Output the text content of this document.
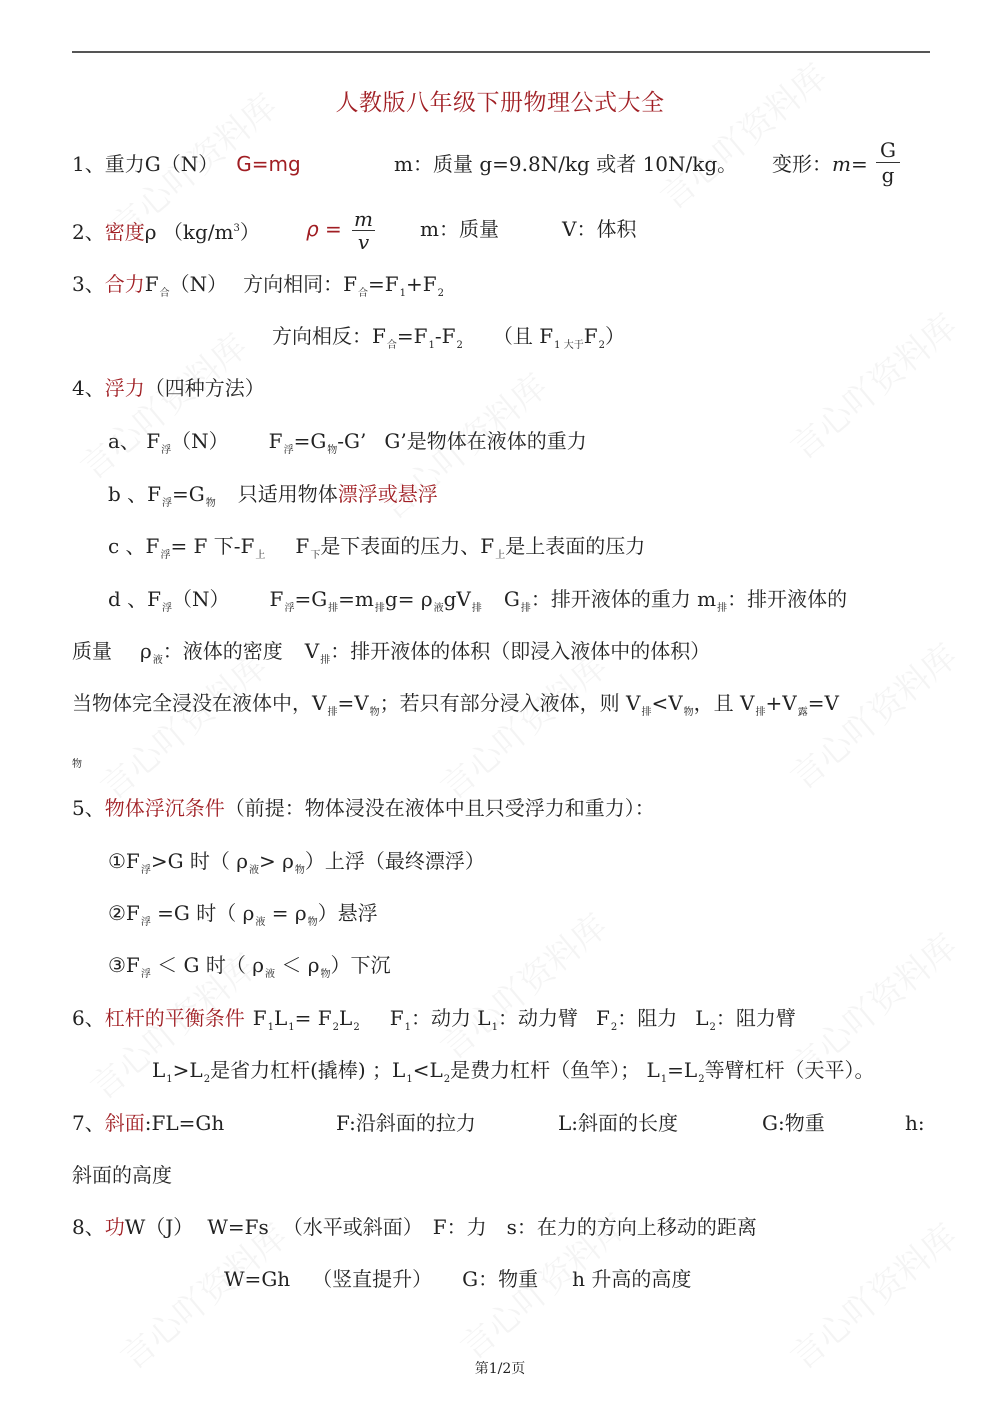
人教版八年级下册物理公式大全
1、重力G（N） G=mg	m：质量 g=9.8N/kg 或者 10N/kg。 变形：$m= \frac{G}{g}$
2、密度ρ $(kg/m^3) \rho = \frac{m}{v}$ m：质量	V：体积
3、合力$F_合(N)$ 方向相同：$F_合=F_1+F_2$
方向相反：$F_合=F_1-F_2$ （且 $F_{1 大于}F_2$）
4、浮力（四种方法）
a、 $F_浮(N)$ $F_浮=G_物-G$’ G’是物体在液体的重力
b 、$F_浮=G_物$ 只适用物体漂浮或悬浮
c 、$F_浮= F$ 下$-F_上$ $F_下$是下表面的压力、$F_上$是上表面的压力
d 、$F_浮(N)$ $F_浮=G_排=m_排g= \rho_液gV_排$ $G_排$：排开液体的重力 $m_排$：排开液体的
质量 $\rho_液$：液体的密度 $V_排$：排开液体的体积（即浸入液体中的体积）
当物体完全浸没在液体中，$V_排=V_物$；若只有部分浸入液体，则 $V_排<V_物$，且 $V_排+V_露=V$
物
5、物体浮沉条件（前提：物体浸没在液体中且只受浮力和重力）：
$①F_浮>G$ 时（ $\rho_液> \rho_物$）上浮（最终漂浮）
$②F_浮 =G$ 时（ $\rho_液 = \rho_物$）悬浮
$③F_浮 < G$ 时（ $\rho_液 < \rho_物$）下沉
6、杠杆的平衡条件 $F_1L_1= F_2L_2$ $F_1$：动力 $L_1$：动力臂 $F_2$：阻力 $L_2$：阻力臂
$L_1>L_2$是省力杠杆(撬棒) ；$L_1<L_2$是费力杠杆（鱼竿）； $L_1=L_2$等臂杠杆（天平）。
7、斜面:FL=Gh	F:沿斜面的拉力	L:斜面的长度	G:物重	h:
斜面的高度
8、功W（J） W=Fs （水平或斜面） F：力 s：在力的方向上移动的距离
W=Gh （竖直提升） G：物重 h 升高的高度
第1/2页
